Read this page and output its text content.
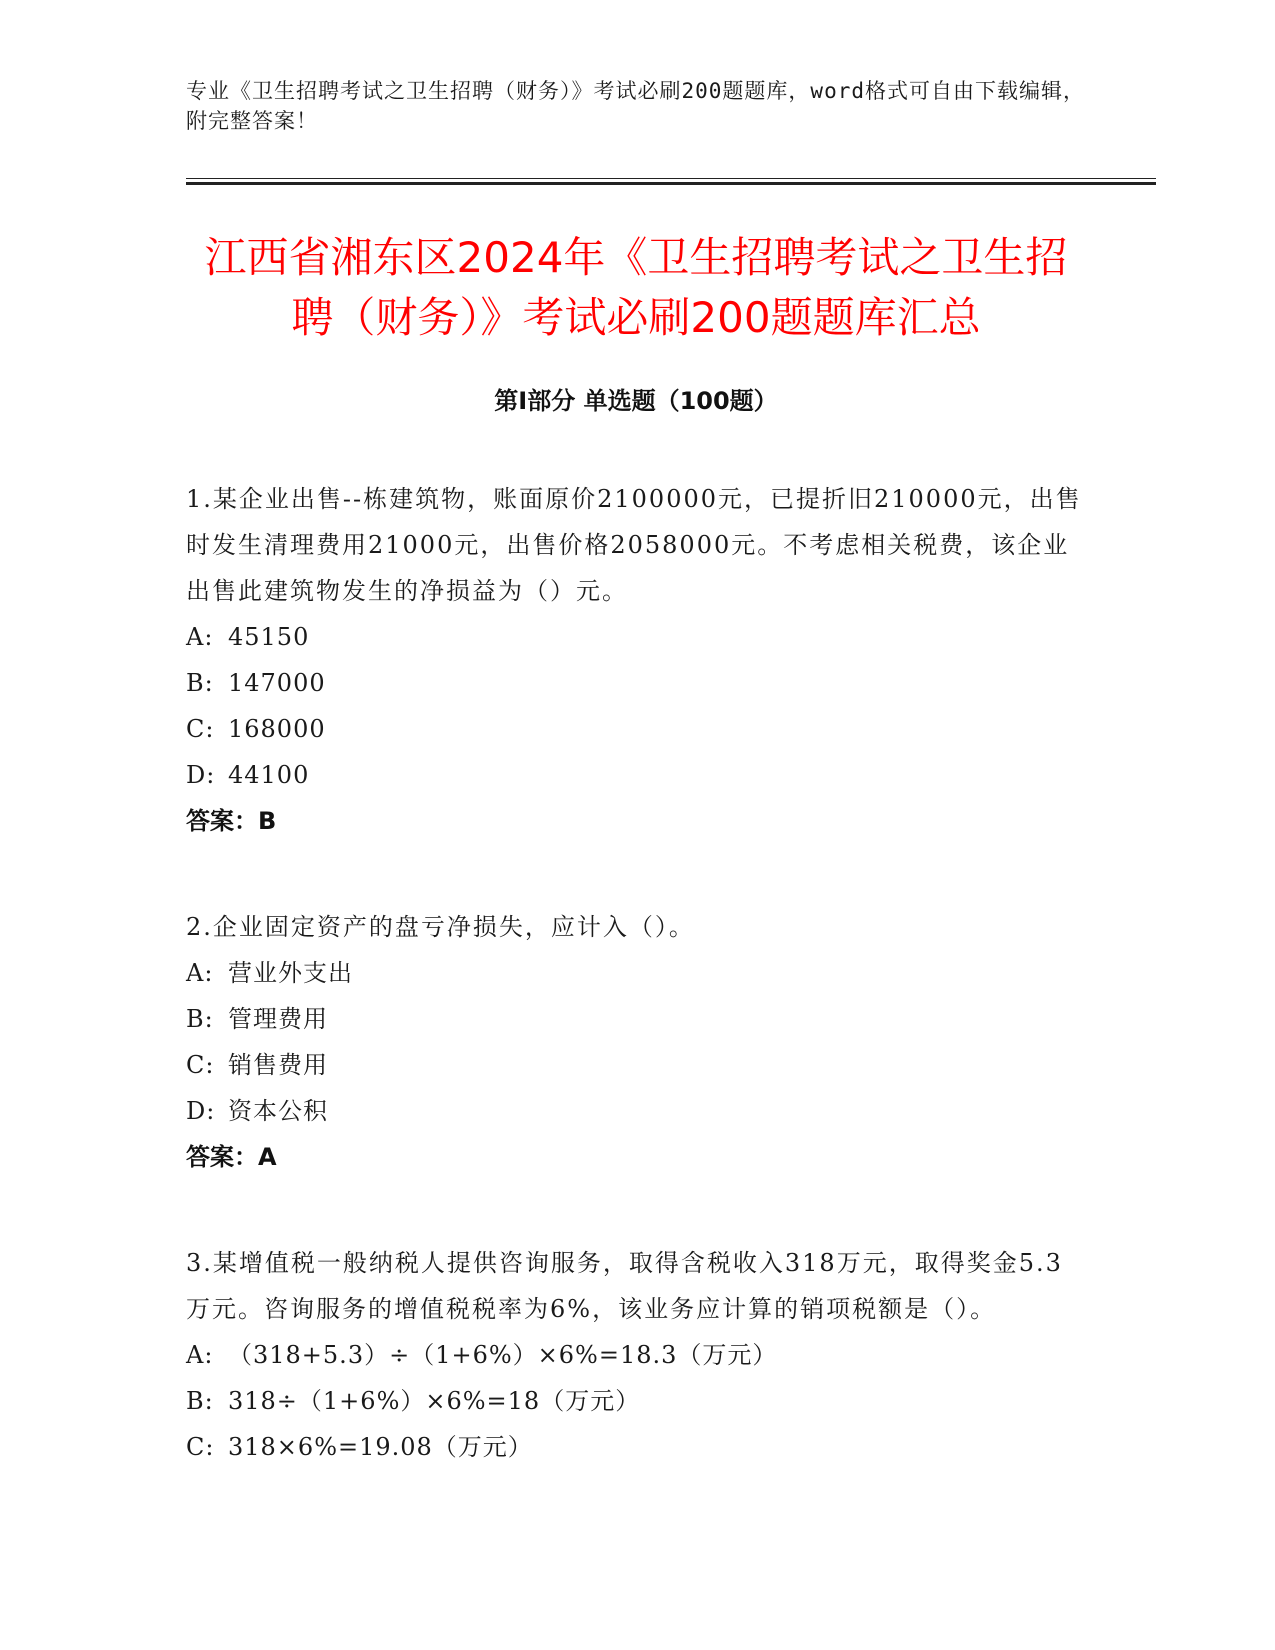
专业《卫生招聘考试之卫生招聘（财务）》考试必刷200题题库，word格式可自由下载编辑，附完整答案！
江西省湘东区2024年《卫生招聘考试之卫生招聘（财务）》考试必刷200题题库汇总
第Ⅰ部分 单选题（100题）
1.某企业出售--栋建筑物，账面原价2100000元，已提折旧210000元，出售时发生清理费用21000元，出售价格2058000元。不考虑相关税费，该企业出售此建筑物发生的净损益为（）元。
A: 45150
B: 147000
C: 168000
D: 44100
答案：B
2.企业固定资产的盘亏净损失，应计入（）。
A: 营业外支出
B: 管理费用
C: 销售费用
D: 资本公积
答案：A
3.某增值税一般纳税人提供咨询服务，取得含税收入318万元，取得奖金5.3万元。咨询服务的增值税税率为6%，该业务应计算的销项税额是（）。
A: （318+5.3）÷（1+6%）×6%=18.3（万元）
B: 318÷（1+6%）×6%=18（万元）
C: 318×6%=19.08（万元）
